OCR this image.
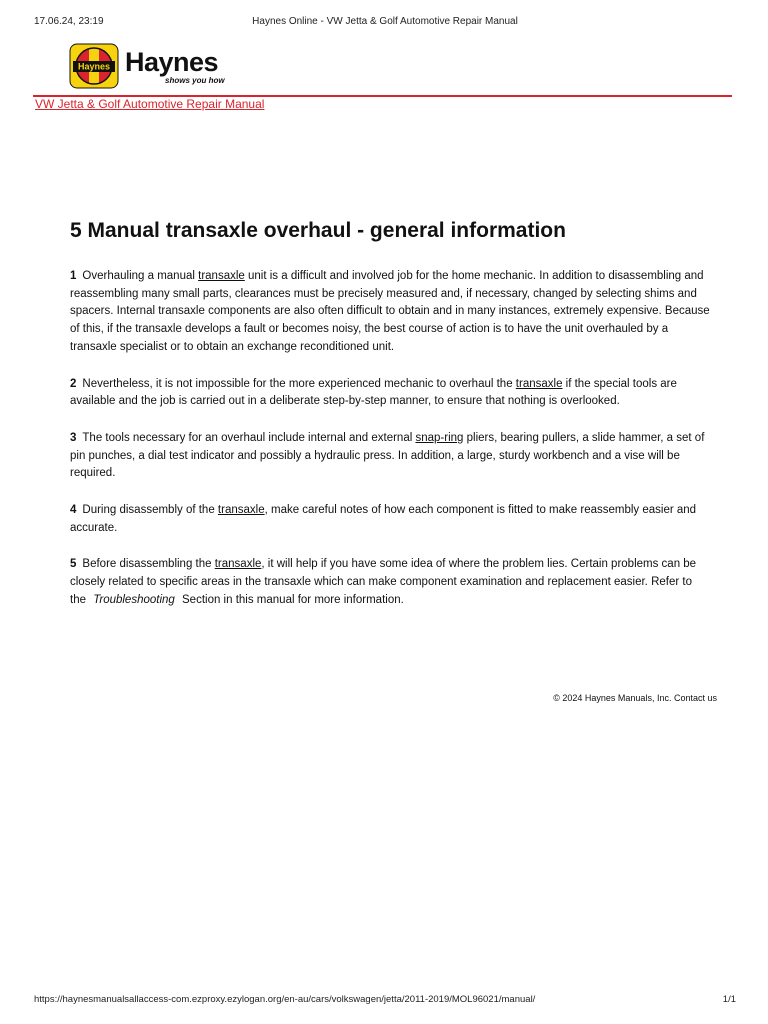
17.06.24, 23:19	Haynes Online - VW Jetta & Golf Automotive Repair Manual
Haynes Haynes
shows you how
VW Jetta & Golf Automotive Repair Manual
5 Manual transaxle overhaul - general information

1 Overhauling a manual transaxle unit is a difficult and involved job for the home mechanic. In addition to disassembling and reassembling many small parts, clearances must be precisely measured and, if necessary, changed by selecting shims and spacers. Internal transaxle components are also often difficult to obtain and in many instances, extremely expensive. Because of this, if the transaxle develops a fault or becomes noisy, the best course of action is to have the unit overhauled by a transaxle specialist or to obtain an exchange reconditioned unit.

2 Nevertheless, it is not impossible for the more experienced mechanic to overhaul the transaxle if the special tools are available and the job is carried out in a deliberate step-by-step manner, to ensure that nothing is overlooked.

3 The tools necessary for an overhaul include internal and external snap-ring pliers, bearing pullers, a slide hammer, a set of pin punches, a dial test indicator and possibly a hydraulic press. In addition, a large, sturdy workbench and a vise will be required.

4 During disassembly of the transaxle, make careful notes of how each component is fitted to make reassembly easier and accurate.

5 Before disassembling the transaxle, it will help if you have some idea of where the problem lies. Certain problems can be closely related to specific areas in the transaxle which can make component examination and replacement easier. Refer to the Troubleshooting Section in this manual for more information.

© 2024 Haynes Manuals, Inc. Contact us
https://haynesmanualsallaccess-com.ezproxy.ezylogan.org/en-au/cars/volkswagen/jetta/2011-2019/MOL96021/manual/	1/1
